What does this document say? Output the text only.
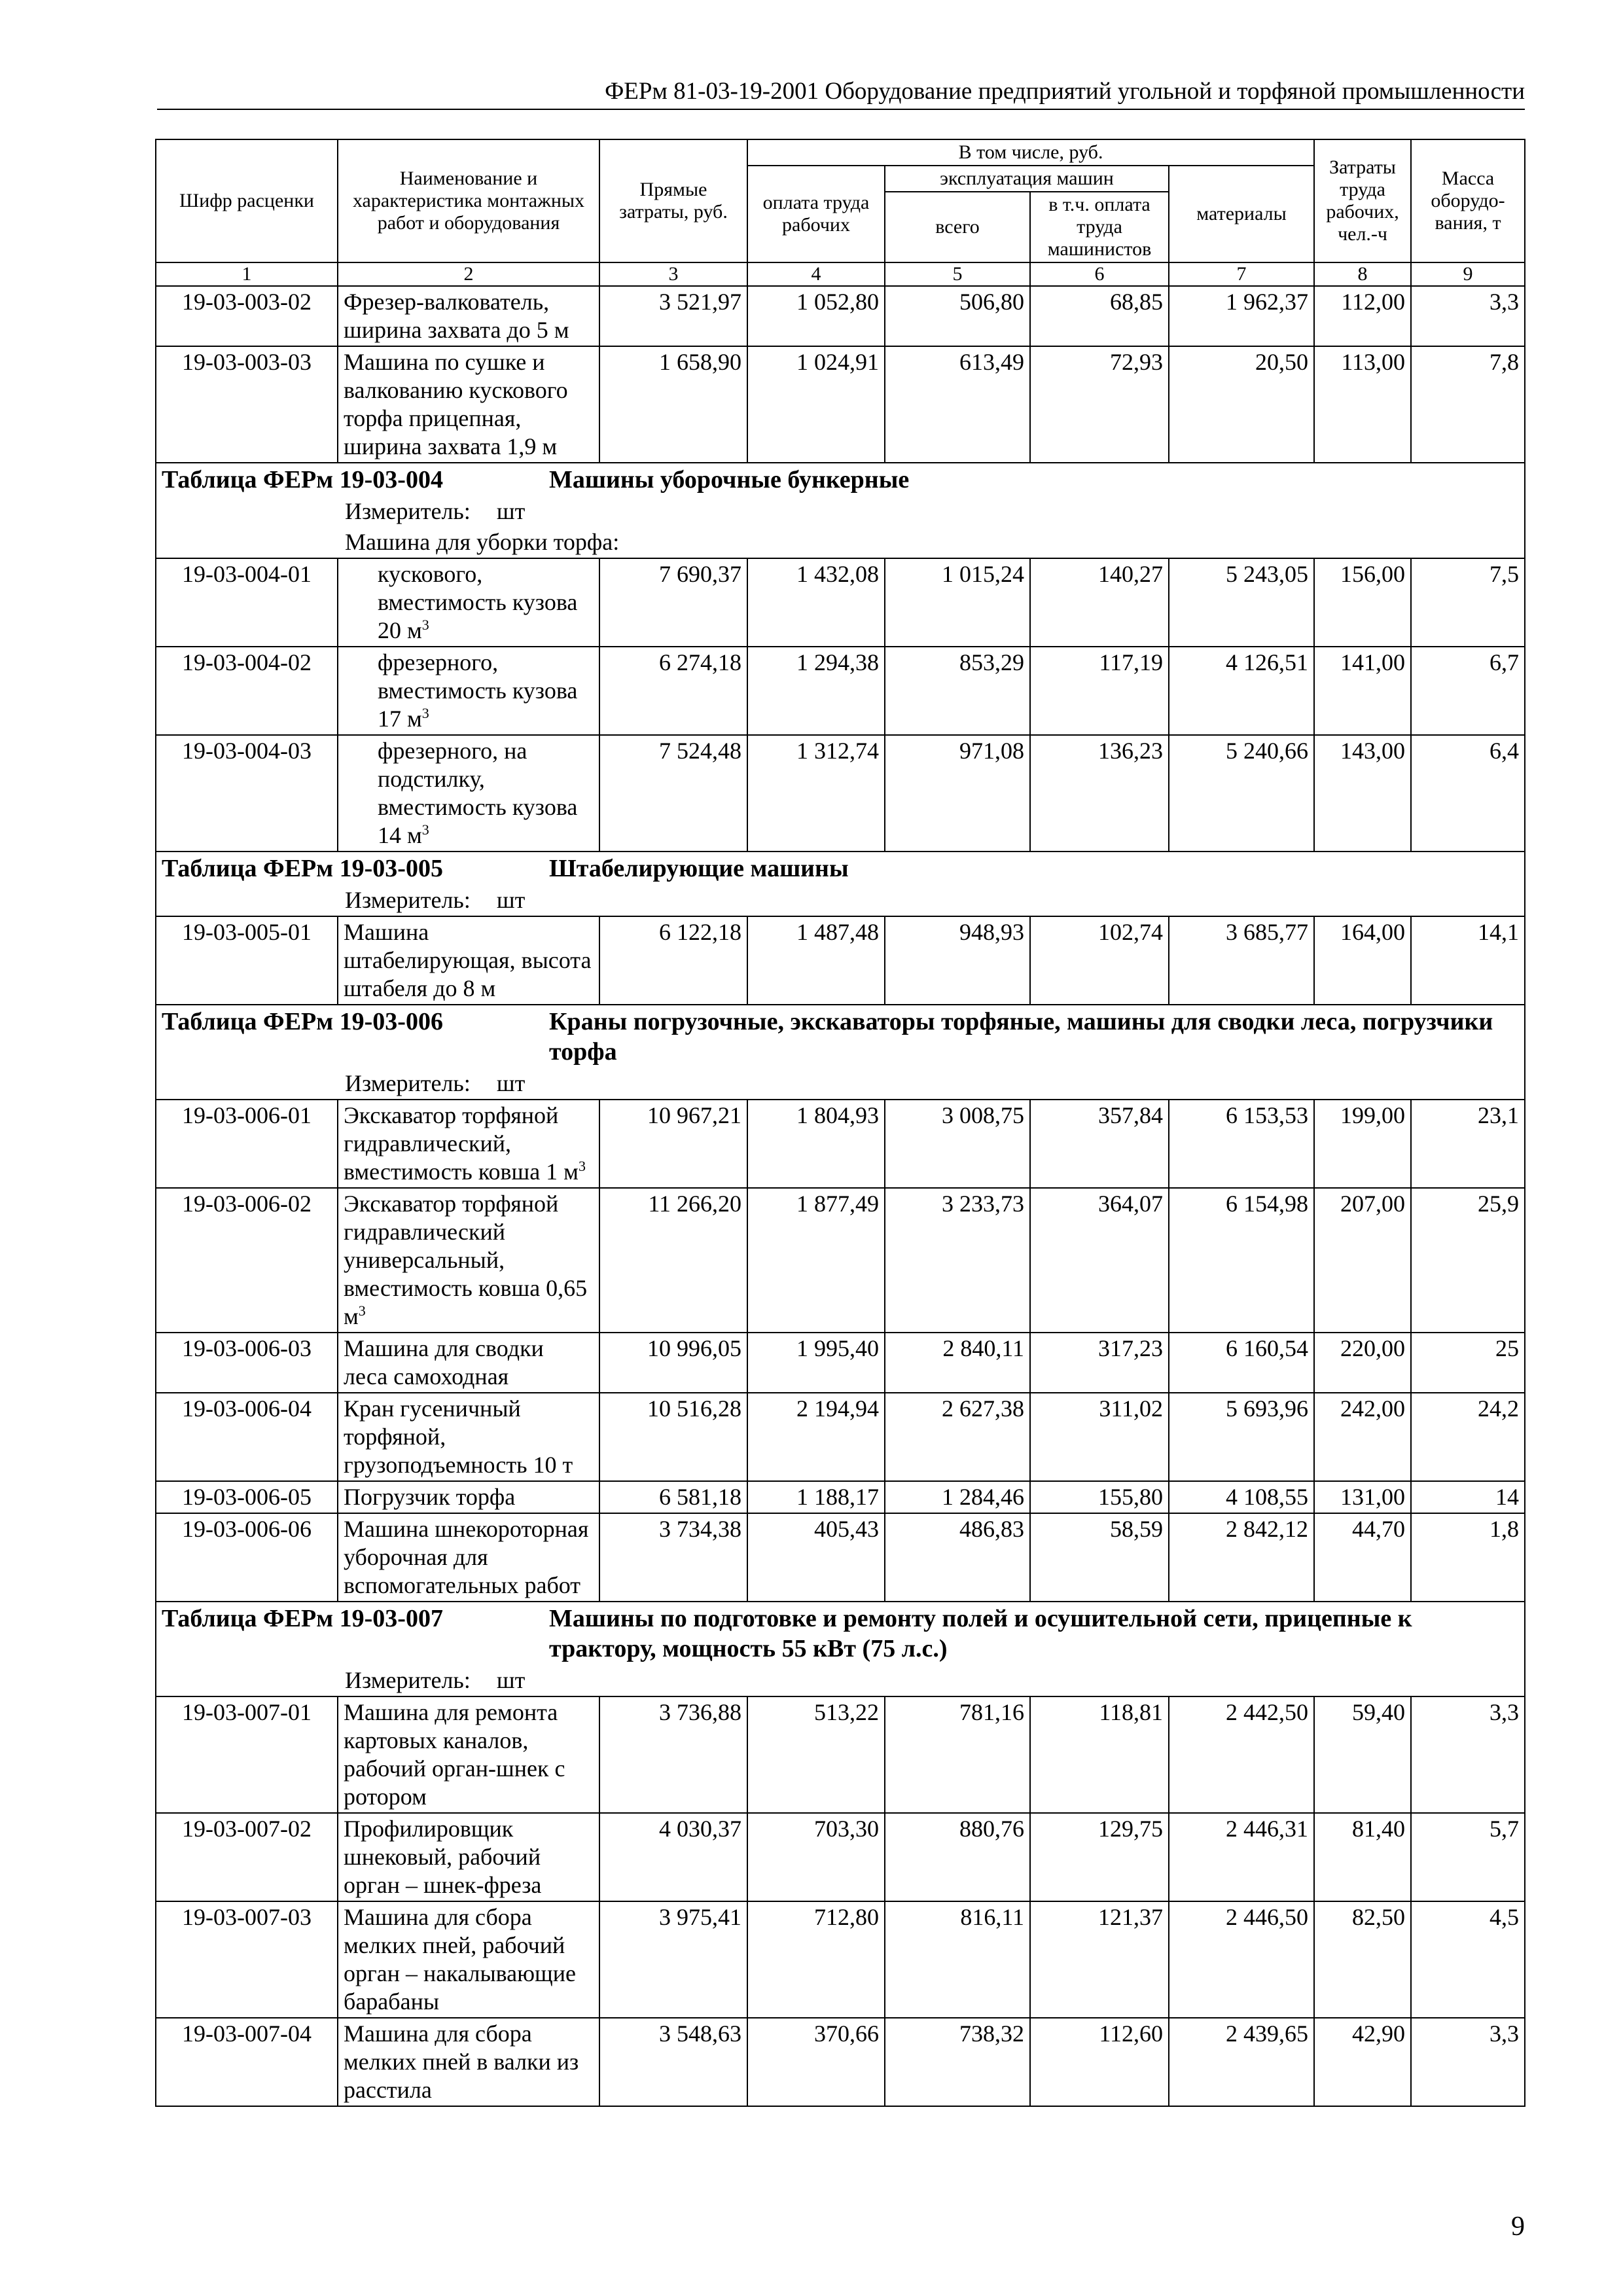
ФЕРм 81-03-19-2001 Оборудование предприятий угольной и торфяной промышленности
Шифр расценки	Наименование и характеристика монтажных работ и оборудования	Прямые затраты, руб.	В том числе, руб.				Затраты труда рабочих, чел.-ч	Масса оборудо-вания, т
			оплата труда рабочих	эксплуатация машин		материалы		
				всего	в т.ч. оплата труда машинистов			
1	2	3	4	5	6	7	8	9
19-03-003-02	Фрезер-валкователь, ширина захвата до 5 м	3 521,97	1 052,80	506,80	68,85	1 962,37	112,00	3,3
19-03-003-03	Машина по сушке и валкованию кускового торфа прицепная, ширина захвата 1,9 м	1 658,90	1 024,91	613,49	72,93	20,50	113,00	7,8
Таблица ФЕРм 19-03-004 Машины уборочные бункерные								
Измеритель: шт								
Машина для уборки торфа:								
19-03-004-01	кускового, вместимость кузова 20 $м^3$	7 690,37	1 432,08	1 015,24	140,27	5 243,05	156,00	7,5
19-03-004-02	фрезерного, вместимость кузова 17 $м^3$	6 274,18	1 294,38	853,29	117,19	4 126,51	141,00	6,7
19-03-004-03	фрезерного, на подстилку, вместимость кузова 14 $м^3$	7 524,48	1 312,74	971,08	136,23	5 240,66	143,00	6,4
Таблица ФЕРм 19-03-005 Штабелирующие машины								
Измеритель: шт								
19-03-005-01	Машина штабелирующая, высота штабеля до 8 м	6 122,18	1 487,48	948,93	102,74	3 685,77	164,00	14,1
Таблица ФЕРм 19-03-006 Краны погрузочные, экскаваторы торфяные, машины для сводки леса, погрузчики торфа								
Измеритель: шт								
19-03-006-01	Экскаватор торфяной гидравлический, вместимость ковша 1 $м^3$	10 967,21	1 804,93	3 008,75	357,84	6 153,53	199,00	23,1
19-03-006-02	Экскаватор торфяной гидравлический универсальный, вместимость ковша 0,65 $м^3$	11 266,20	1 877,49	3 233,73	364,07	6 154,98	207,00	25,9
19-03-006-03	Машина для сводки леса самоходная	10 996,05	1 995,40	2 840,11	317,23	6 160,54	220,00	25
19-03-006-04	Кран гусеничный торфяной, грузоподъемность 10 т	10 516,28	2 194,94	2 627,38	311,02	5 693,96	242,00	24,2
19-03-006-05	Погрузчик торфа	6 581,18	1 188,17	1 284,46	155,80	4 108,55	131,00	14
19-03-006-06	Машина шнекороторная уборочная для вспомогательных работ	3 734,38	405,43	486,83	58,59	2 842,12	44,70	1,8
Таблица ФЕРм 19-03-007 Машины по подготовке и ремонту полей и осушительной сети, прицепные к трактору, мощность 55 кВт (75 л.с.)								
Измеритель: шт								
19-03-007-01	Машина для ремонта картовых каналов, рабочий орган-шнек с ротором	3 736,88	513,22	781,16	118,81	2 442,50	59,40	3,3
19-03-007-02	Профилировщик шнековый, рабочий орган – шнек-фреза	4 030,37	703,30	880,76	129,75	2 446,31	81,40	5,7
19-03-007-03	Машина для сбора мелких пней, рабочий орган – накалывающие барабаны	3 975,41	712,80	816,11	121,37	2 446,50	82,50	4,5
19-03-007-04	Машина для сбора мелких пней в валки из расстила	3 548,63	370,66	738,32	112,60	2 439,65	42,90	3,3
9
